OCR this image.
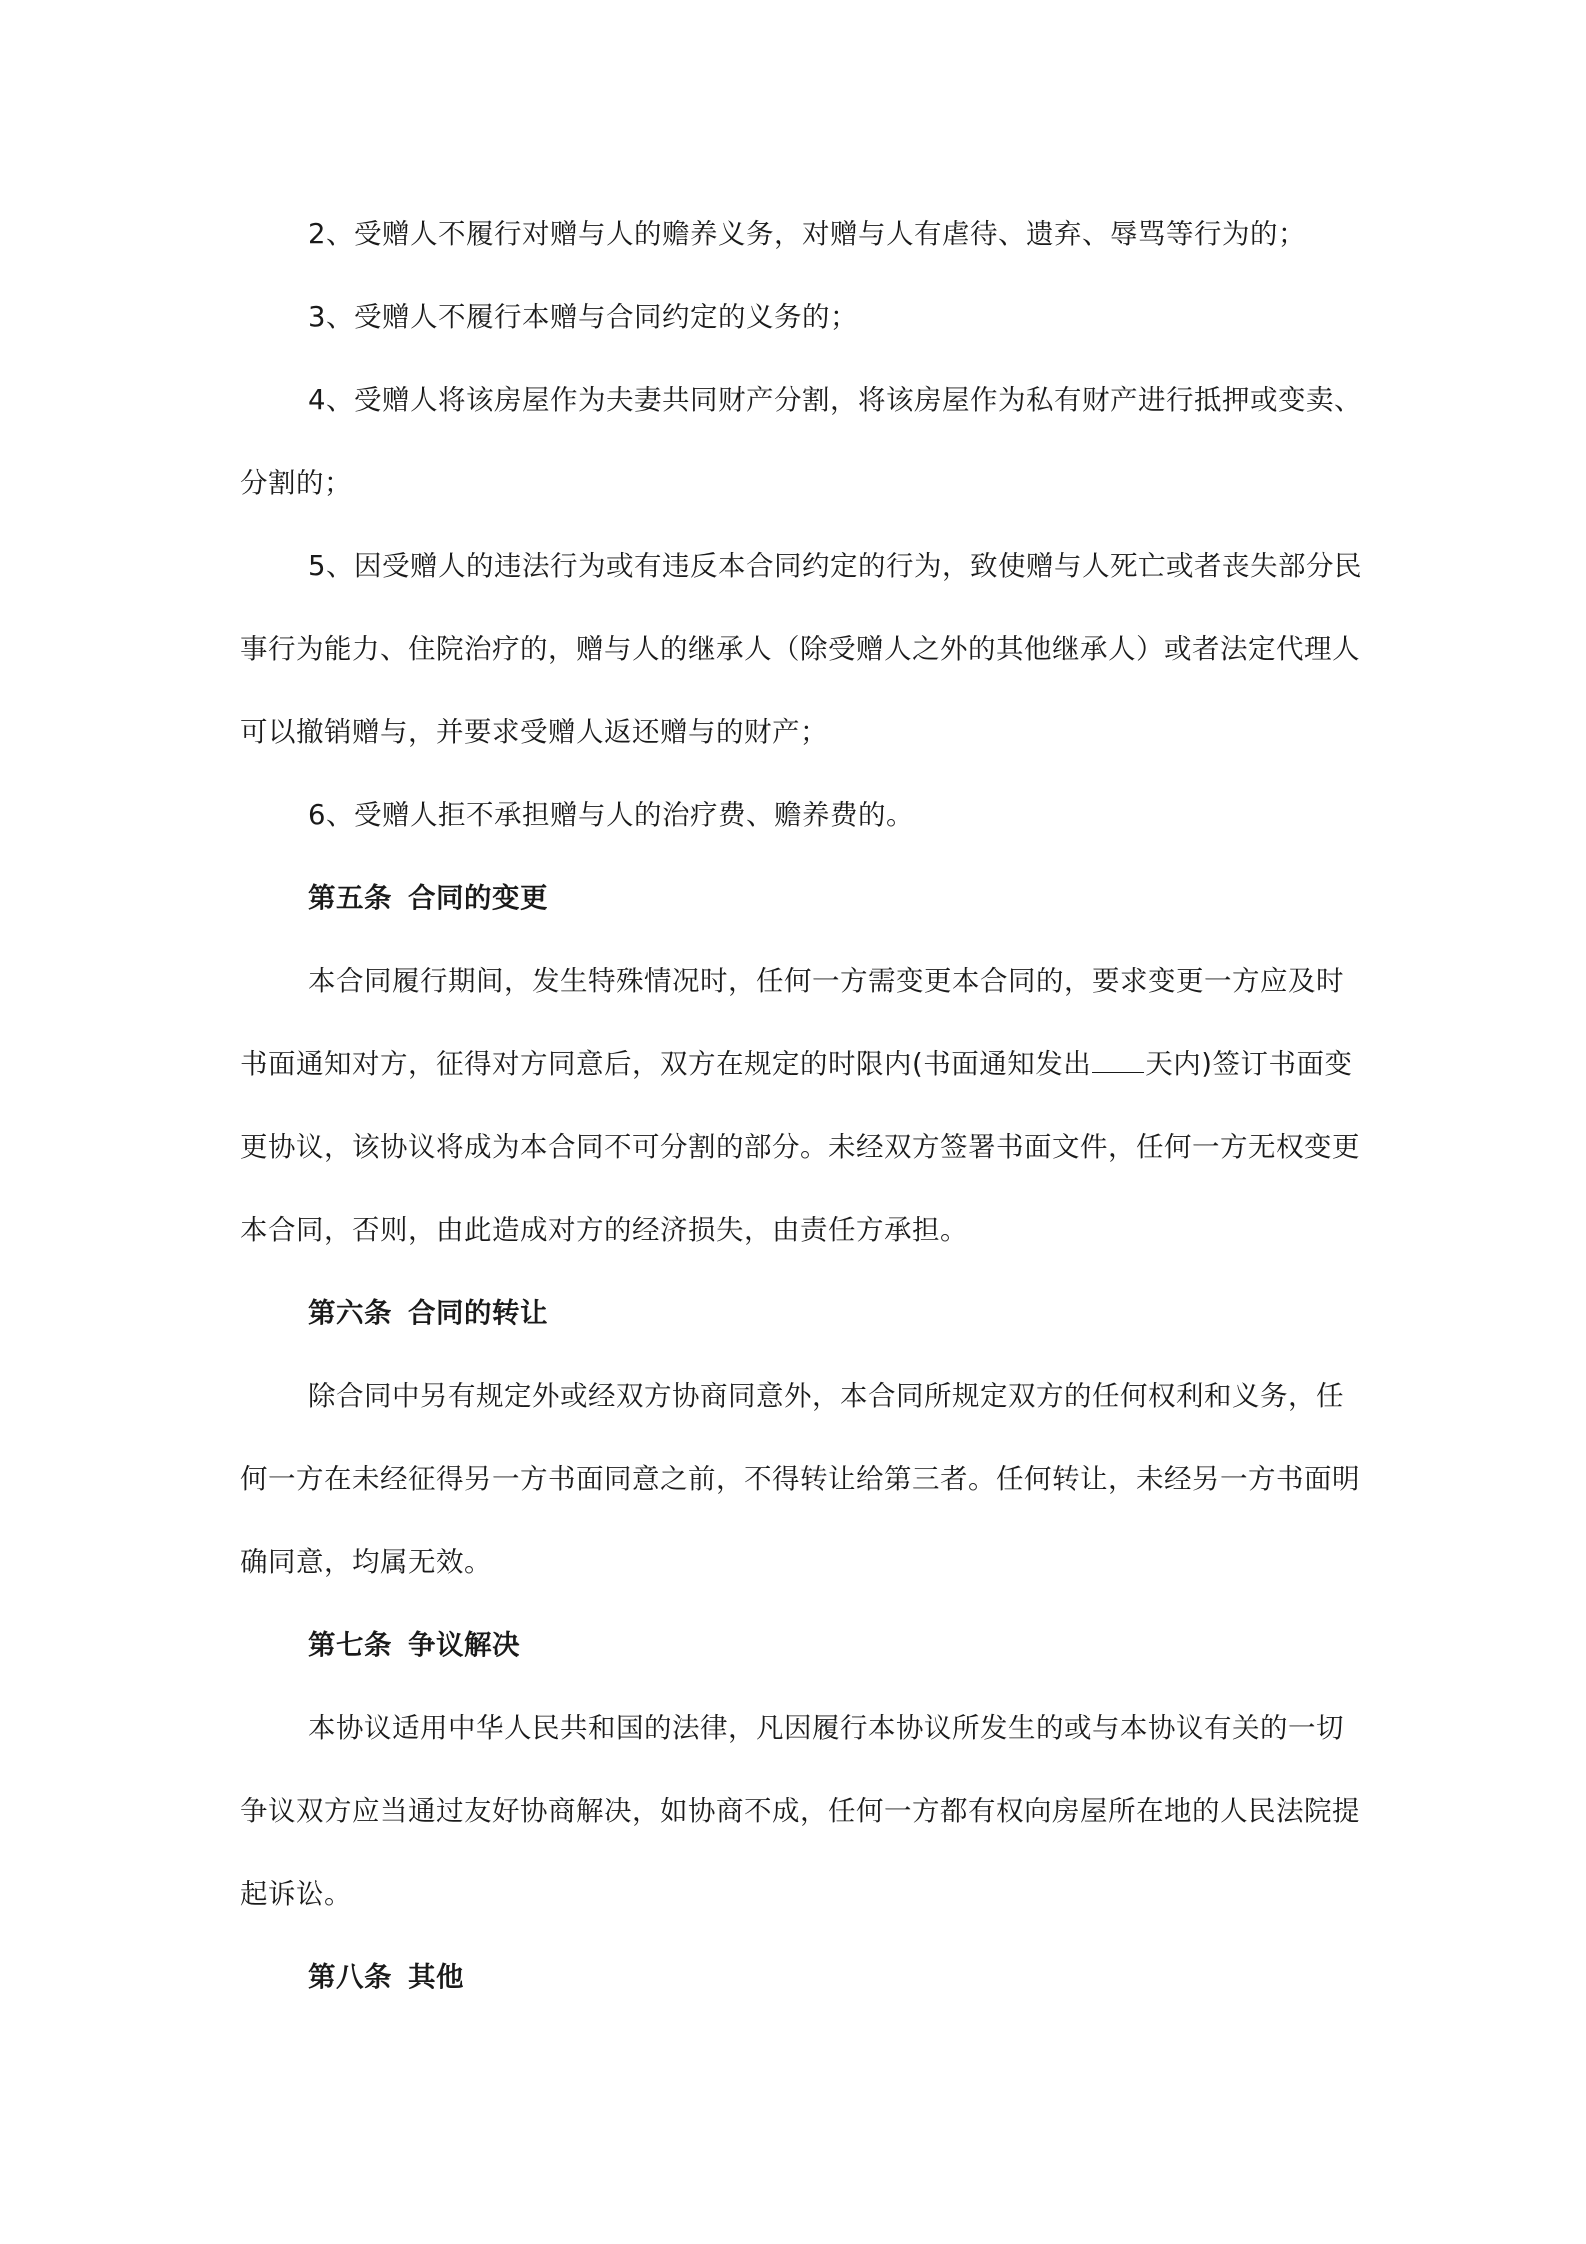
2、受赠人不履行对赠与人的赡养义务，对赠与人有虐待、遗弃、辱骂等行为的；
3、受赠人不履行本赠与合同约定的义务的；
4、受赠人将该房屋作为夫妻共同财产分割，将该房屋作为私有财产进行抵押或变卖、
分割的；
5、因受赠人的违法行为或有违反本合同约定的行为，致使赠与人死亡或者丧失部分民
事行为能力、住院治疗的，赠与人的继承人（除受赠人之外的其他继承人）或者法定代理人
可以撤销赠与，并要求受赠人返还赠与的财产；
6、受赠人拒不承担赠与人的治疗费、赡养费的。
第五条 合同的变更
本合同履行期间，发生特殊情况时，任何一方需变更本合同的，要求变更一方应及时
书面通知对方，征得对方同意后，双方在规定的时限内(书面通知发出 天内)签订书面变
更协议，该协议将成为本合同不可分割的部分。未经双方签署书面文件，任何一方无权变更
本合同，否则，由此造成对方的经济损失，由责任方承担。
第六条 合同的转让
除合同中另有规定外或经双方协商同意外，本合同所规定双方的任何权利和义务，任
何一方在未经征得另一方书面同意之前，不得转让给第三者。任何转让，未经另一方书面明
确同意，均属无效。
第七条 争议解决
本协议适用中华人民共和国的法律，凡因履行本协议所发生的或与本协议有关的一切
争议双方应当通过友好协商解决，如协商不成，任何一方都有权向房屋所在地的人民法院提
起诉讼。
第八条 其他
